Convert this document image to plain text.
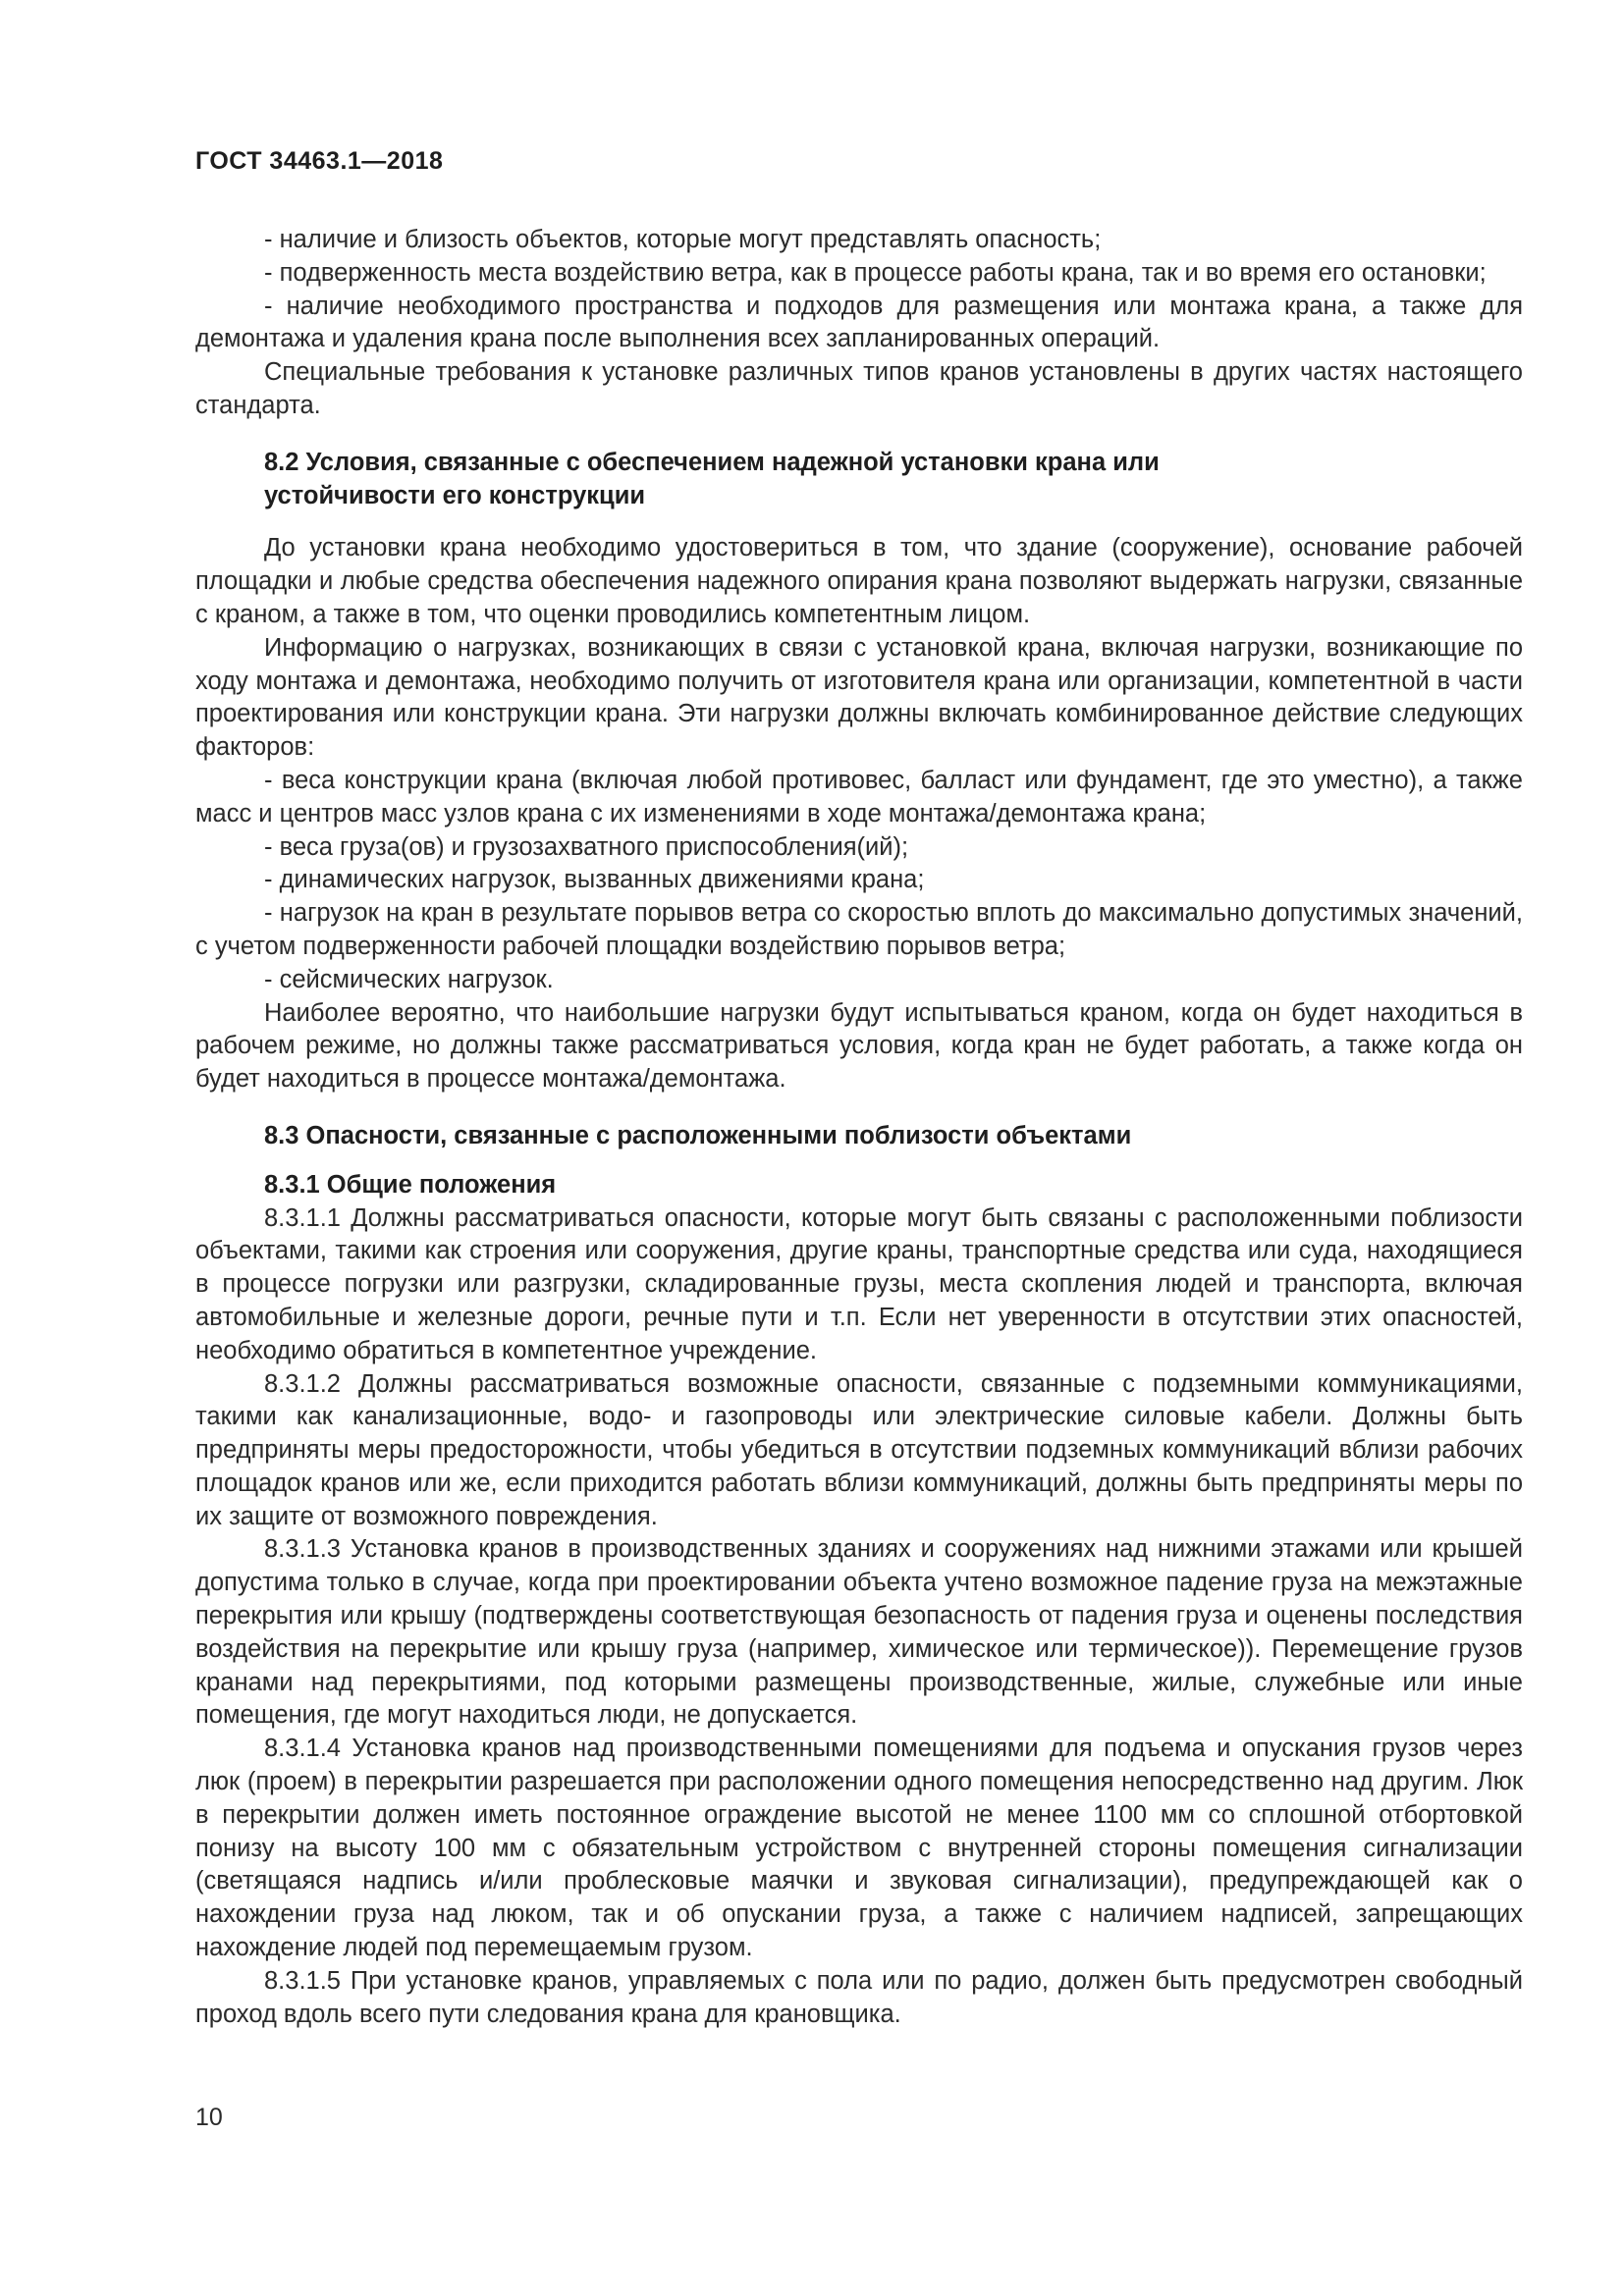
ГОСТ 34463.1—2018

- наличие и близость объектов, которые могут представлять опасность;

- подверженность места воздействию ветра, как в процессе работы крана, так и во время его остановки;

- наличие необходимого пространства и подходов для размещения или монтажа крана, а также для демонтажа и удаления крана после выполнения всех запланированных операций.

Специальные требования к установке различных типов кранов установлены в других частях настоящего стандарта.

8.2 Условия, связанные с обеспечением надежной установки крана или устойчивости его конструкции

До установки крана необходимо удостовериться в том, что здание (сооружение), основание рабочей площадки и любые средства обеспечения надежного опирания крана позволяют выдержать нагрузки, связанные с краном, а также в том, что оценки проводились компетентным лицом.

Информацию о нагрузках, возникающих в связи с установкой крана, включая нагрузки, возникающие по ходу монтажа и демонтажа, необходимо получить от изготовителя крана или организации, компетентной в части проектирования или конструкции крана. Эти нагрузки должны включать комбинированное действие следующих факторов:

- веса конструкции крана (включая любой противовес, балласт или фундамент, где это уместно), а также масс и центров масс узлов крана с их изменениями в ходе монтажа/демонтажа крана;

- веса груза(ов) и грузозахватного приспособления(ий);

- динамических нагрузок, вызванных движениями крана;

- нагрузок на кран в результате порывов ветра со скоростью вплоть до максимально допустимых значений, с учетом подверженности рабочей площадки воздействию порывов ветра;

- сейсмических нагрузок.

Наиболее вероятно, что наибольшие нагрузки будут испытываться краном, когда он будет находиться в рабочем режиме, но должны также рассматриваться условия, когда кран не будет работать, а также когда он будет находиться в процессе монтажа/демонтажа.

8.3 Опасности, связанные с расположенными поблизости объектами
8.3.1 Общие положения

8.3.1.1 Должны рассматриваться опасности, которые могут быть связаны с расположенными поблизости объектами, такими как строения или сооружения, другие краны, транспортные средства или суда, находящиеся в процессе погрузки или разгрузки, складированные грузы, места скопления людей и транспорта, включая автомобильные и железные дороги, речные пути и т.п. Если нет уверенности в отсутствии этих опасностей, необходимо обратиться в компетентное учреждение.

8.3.1.2 Должны рассматриваться возможные опасности, связанные с подземными коммуникациями, такими как канализационные, водо- и газопроводы или электрические силовые кабели. Должны быть предприняты меры предосторожности, чтобы убедиться в отсутствии подземных коммуникаций вблизи рабочих площадок кранов или же, если приходится работать вблизи коммуникаций, должны быть предприняты меры по их защите от возможного повреждения.

8.3.1.3 Установка кранов в производственных зданиях и сооружениях над нижними этажами или крышей допустима только в случае, когда при проектировании объекта учтено возможное падение груза на межэтажные перекрытия или крышу (подтверждены соответствующая безопасность от падения груза и оценены последствия воздействия на перекрытие или крышу груза (например, химическое или термическое)). Перемещение грузов кранами над перекрытиями, под которыми размещены производственные, жилые, служебные или иные помещения, где могут находиться люди, не допускается.

8.3.1.4 Установка кранов над производственными помещениями для подъема и опускания грузов через люк (проем) в перекрытии разрешается при расположении одного помещения непосредственно над другим. Люк в перекрытии должен иметь постоянное ограждение высотой не менее 1100 мм со сплошной отбортовкой понизу на высоту 100 мм с обязательным устройством с внутренней стороны помещения сигнализации (светящаяся надпись и/или проблесковые маячки и звуковая сигнализации), предупреждающей как о нахождении груза над люком, так и об опускании груза, а также с наличием надписей, запрещающих нахождение людей под перемещаемым грузом.

8.3.1.5 При установке кранов, управляемых с пола или по радио, должен быть предусмотрен свободный проход вдоль всего пути следования крана для крановщика.

10
